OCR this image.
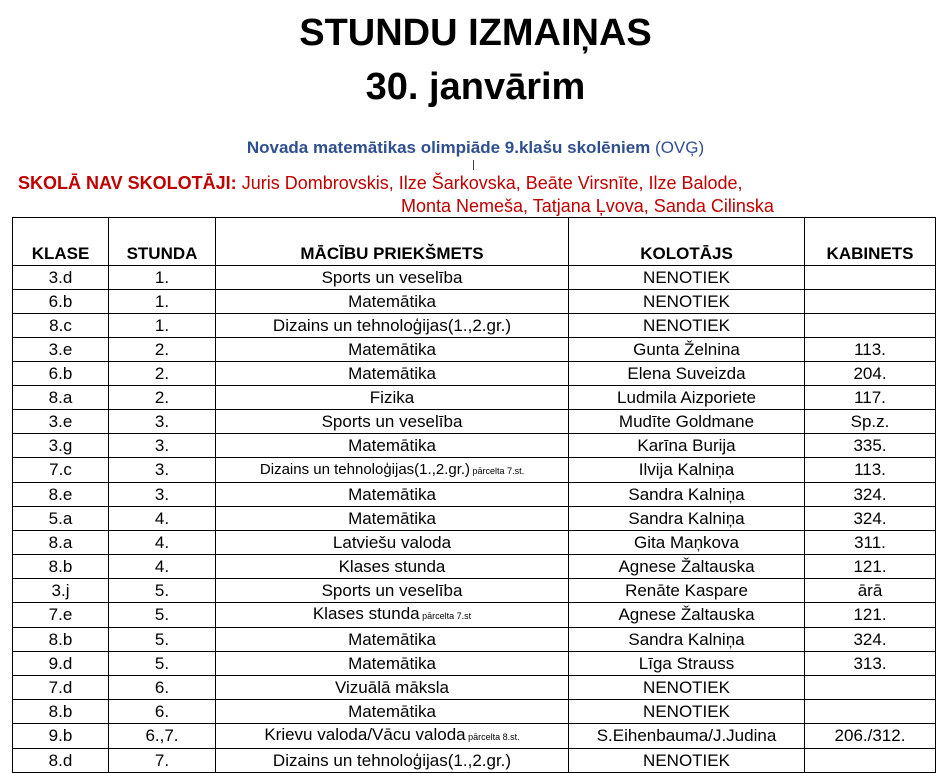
STUNDU IZMAIŅAS
30. janvārim
Novada matemātikas olimpiāde 9.klašu skolēniem (OVĢ)
SKOLĀ NAV SKOLOTĀJI: Juris Dombrovskis, Ilze Šarkovska, Beāte Virsnīte, Ilze Balode,
Monta Nemeša, Tatjana Ļvova, Sanda Cilinska
KLASE	STUNDA	MĀCĪBU PRIEKŠMETS	KOLOTĀJS	KABINETS
3.d	1.	Sports un veselība	NENOTIEK	
6.b	1.	Matemātika	NENOTIEK	
8.c	1.	Dizains un tehnoloģijas(1.,2.gr.)	NENOTIEK	
3.e	2.	Matemātika	Gunta Želnina	113.
6.b	2.	Matemātika	Elena Suveizda	204.
8.a	2.	Fizika	Ludmila Aizporiete	117.
3.e	3.	Sports un veselība	Mudīte Goldmane	Sp.z.
3.g	3.	Matemātika	Karīna Burija	335.
7.c	3.	Dizains un tehnoloģijas(1.,2.gr.) pārcelta 7.st.	Ilvija Kalniņa	113.
8.e	3.	Matemātika	Sandra Kalniņa	324.
5.a	4.	Matemātika	Sandra Kalniņa	324.
8.a	4.	Latviešu valoda	Gita Maņkova	311.
8.b	4.	Klases stunda	Agnese Žaltauska	121.
3.j	5.	Sports un veselība	Renāte Kaspare	ārā
7.e	5.	Klases stunda pārcelta 7.st	Agnese Žaltauska	121.
8.b	5.	Matemātika	Sandra Kalniņa	324.
9.d	5.	Matemātika	Līga Strauss	313.
7.d	6.	Vizuālā māksla	NENOTIEK	
8.b	6.	Matemātika	NENOTIEK	
9.b	6.,7.	Krievu valoda/Vācu valoda pārcelta 8.st.	S.Eihenbauma/J.Judina	206./312.
8.d	7.	Dizains un tehnoloģijas(1.,2.gr.)	NENOTIEK	
